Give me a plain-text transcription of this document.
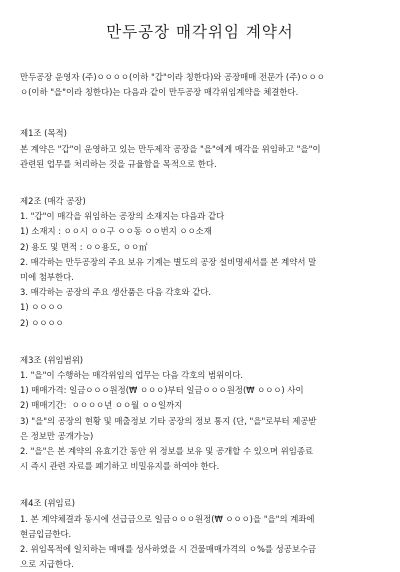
만두공장 매각위임 계약서

만두공장 운영자 (주)ㅇㅇㅇㅇ(이하 "갑"이라 칭한다)와 공장매매 전문가 (주)ㅇㅇㅇ

ㅇ(이하 "을"이라 칭한다)는 다음과 같이 만두공장 매각위임계약을 체결한다.

제1조 (목적)

본 계약은 "갑"이 운영하고 있는 만두제작 공장을 "을"에게 매각을 위임하고 "을"이

관련된 업무를 처리하는 것을 규율함을 목적으로 한다.

제2조 (매각 공장)

1. "갑"이 매각을 위임하는 공장의 소재지는 다음과 같다

1) 소재지 : ㅇㅇ시 ㅇㅇ구 ㅇㅇ동 ㅇㅇ번지 ㅇㅇ소재

2) 용도 및 면적 : ㅇㅇ용도, ㅇㅇ㎡

2. 매각하는 만두공장의 주요 보유 기계는 별도의 공장 설비명세서를 본 계약서 말

미에 첨부한다.

3. 매각하는 공장의 주요 생산품은 다음 각호와 같다.

1) ㅇㅇㅇㅇ

2) ㅇㅇㅇㅇ

제3조 (위임범위)

1. "을"이 수행하는 매각위임의 업무는 다음 각호의 범위이다.

1) 매매가격: 일금ㅇㅇㅇ원정(₩ ㅇㅇㅇ)부터 일금ㅇㅇㅇ원정(₩ ㅇㅇㅇ) 사이

2) 매매기간:  ㅇㅇㅇㅇ년 ㅇㅇ월 ㅇㅇ일까지

3) "을"의 공장의 현황 및 매출정보 기타 공장의 정보 통지 (단, "을"로부터 제공받

은 정보만 공개가능)

2. "을"은 본 계약의 유효기간 동안 위 정보를 보유 및 공개할 수 있으며 위임종료

시 즉시 관련 자료를 폐기하고 비밀유지를 하여야 한다.

제4조 (위임료)

1. 본 계약체결과 동시에 선급금으로 일금ㅇㅇㅇ원정(₩ ㅇㅇㅇ)을 "을"의 계좌에

현금입금한다.

2. 위임목적에 일치하는 매매를 성사하였을 시 건물매매가격의 ㅇ%를 성공보수금

으로 지급한다.
